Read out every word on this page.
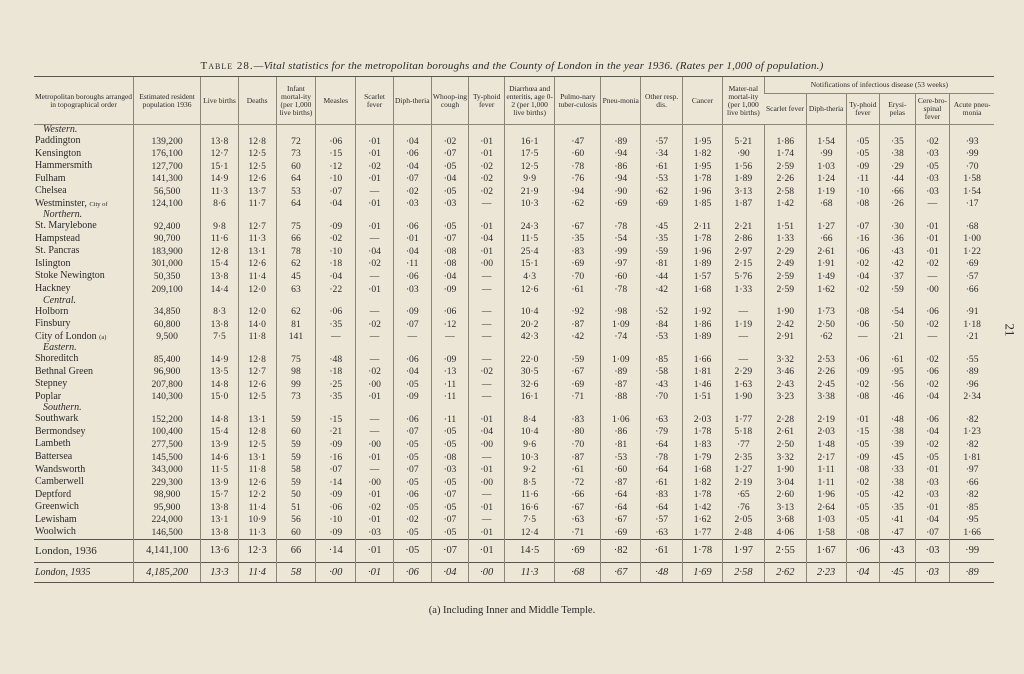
21
Table 28.—Vital statistics for the metropolitan boroughs and the County of London in the year 1936. (Rates per 1,000 of population.)
Metropolitan boroughs arranged in topographical order	Estimated resident population 1936	Live births	Deaths	Infant mortal-ity (per 1,000 live births)	Measles	Scarlet fever	Diph-theria	Whoop-ing cough	Ty-phoid fever	Diarrhœa and enteritis, age 0-2 (per 1,000 live births)	Pulmo-nary tuber-culosis	Pneu-monia	Other resp. dis.	Cancer	Mater-nal mortal-ity (per 1,000 live births)	Notifications of infectious disease (53 weeks)					
																Scarlet fever	Diph-theria	Ty-phoid fever	Erysi-pelas	Cere-bro-spinal fever	Acute pneu-monia
Western.																					
Paddington	139,200	13·8	12·8	72	·06	·01	·04	·02	·01	16·1	·47	·89	·57	1·95	5·21	1·86	1·54	·05	·35	·02	·93
Kensington	176,100	12·7	12·5	73	·15	·01	·06	·07	·01	17·5	·60	·94	·34	1·82	·90	1·74	·99	·05	·38	·03	·99
Hammersmith	127,700	15·1	12·5	60	·12	·02	·04	·05	·02	12·5	·78	·86	·61	1·95	1·56	2·59	1·03	·09	·29	·05	·70
Fulham	141,300	14·9	12·6	64	·10	·01	·07	·04	·02	9·9	·76	·94	·53	1·78	1·89	2·26	1·24	·11	·44	·03	1·58
Chelsea	56,500	11·3	13·7	53	·07	—	·02	·05	·02	21·9	·94	·90	·62	1·96	3·13	2·58	1·19	·10	·66	·03	1·54
Westminster, City of	124,100	8·6	11·7	64	·04	·01	·03	·03	—	10·3	·62	·69	·69	1·85	1·87	1·42	·68	·08	·26	—	·17
Northern.																					
St. Marylebone	92,400	9·8	12·7	75	·09	·01	·06	·05	·01	24·3	·67	·78	·45	2·11	2·21	1·51	1·27	·07	·30	·01	·68
Hampstead	90,700	11·6	11·3	66	·02	—	·01	·07	·04	11·5	·35	·54	·35	1·78	2·86	1·33	·66	·16	·36	·01	1·00
St. Pancras	183,900	12·8	13·1	78	·10	·04	·04	·08	·01	25·4	·83	·99	·59	1·96	2·97	2·29	2·61	·06	·43	·01	1·22
Islington	301,000	15·4	12·6	62	·18	·02	·11	·08	·00	15·1	·69	·97	·81	1·89	2·15	2·49	1·91	·02	·42	·02	·69
Stoke Newington	50,350	13·8	11·4	45	·04	—	·06	·04	—	4·3	·70	·60	·44	1·57	5·76	2·59	1·49	·04	·37	—	·57
Hackney	209,100	14·4	12·0	63	·22	·01	·03	·09	—	12·6	·61	·78	·42	1·68	1·33	2·59	1·62	·02	·59	·00	·66
Central.																					
Holborn	34,850	8·3	12·0	62	·06	—	·09	·06	—	10·4	·92	·98	·52	1·92	—	1·90	1·73	·08	·54	·06	·91
Finsbury	60,800	13·8	14·0	81	·35	·02	·07	·12	—	20·2	·87	1·09	·84	1·86	1·19	2·42	2·50	·06	·50	·02	1·18
City of London (a)	9,500	7·5	11·8	141	—	—	—	—	—	42·3	·42	·74	·53	1·89	—	2·91	·62	—	·21	—	·21
Eastern.																					
Shoreditch	85,400	14·9	12·8	75	·48	—	·06	·09	—	22·0	·59	1·09	·85	1·66	—	3·32	2·53	·06	·61	·02	·55
Bethnal Green	96,900	13·5	12·7	98	·18	·02	·04	·13	·02	30·5	·67	·89	·58	1·81	2·29	3·46	2·26	·09	·95	·06	·89
Stepney	207,800	14·8	12·6	99	·25	·00	·05	·11	—	32·6	·69	·87	·43	1·46	1·63	2·43	2·45	·02	·56	·02	·96
Poplar	140,300	15·0	12·5	73	·35	·01	·09	·11	—	16·1	·71	·88	·70	1·51	1·90	3·23	3·38	·08	·46	·04	2·34
Southern.																					
Southwark	152,200	14·8	13·1	59	·15	—	·06	·11	·01	8·4	·83	1·06	·63	2·03	1·77	2·28	2·19	·01	·48	·06	·82
Bermondsey	100,400	15·4	12·8	60	·21	—	·07	·05	·04	10·4	·80	·86	·79	1·78	5·18	2·61	2·03	·15	·38	·04	1·23
Lambeth	277,500	13·9	12·5	59	·09	·00	·05	·05	·00	9·6	·70	·81	·64	1·83	·77	2·50	1·48	·05	·39	·02	·82
Battersea	145,500	14·6	13·1	59	·16	·01	·05	·08	—	10·3	·87	·53	·78	1·79	2·35	3·32	2·17	·09	·45	·05	1·81
Wandsworth	343,000	11·5	11·8	58	·07	—	·07	·03	·01	9·2	·61	·60	·64	1·68	1·27	1·90	1·11	·08	·33	·01	·97
Camberwell	229,300	13·9	12·6	59	·14	·00	·05	·05	·00	8·5	·72	·87	·61	1·82	2·19	3·04	1·11	·02	·38	·03	·66
Deptford	98,900	15·7	12·2	50	·09	·01	·06	·07	—	11·6	·66	·64	·83	1·78	·65	2·60	1·96	·05	·42	·03	·82
Greenwich	95,900	13·8	11·4	51	·06	·02	·05	·05	·01	16·6	·67	·64	·64	1·42	·76	3·13	2·64	·05	·35	·01	·85
Lewisham	224,000	13·1	10·9	56	·10	·01	·02	·07	—	7·5	·63	·67	·57	1·62	2·05	3·68	1·03	·05	·41	·04	·95
Woolwich	146,500	13·8	11·3	60	·09	·03	·05	·05	·01	12·4	·71	·69	·63	1·77	2·48	4·06	1·58	·08	·47	·07	1·66
London, 1936	4,141,100	13·6	12·3	66	·14	·01	·05	·07	·01	14·5	·69	·82	·61	1·78	1·97	2·55	1·67	·06	·43	·03	·99
London, 1935	4,185,200	13·3	11·4	58	·00	·01	·06	·04	·00	11·3	·68	·67	·48	1·69	2·58	2·62	2·23	·04	·45	·03	·89
(a) Including Inner and Middle Temple.
